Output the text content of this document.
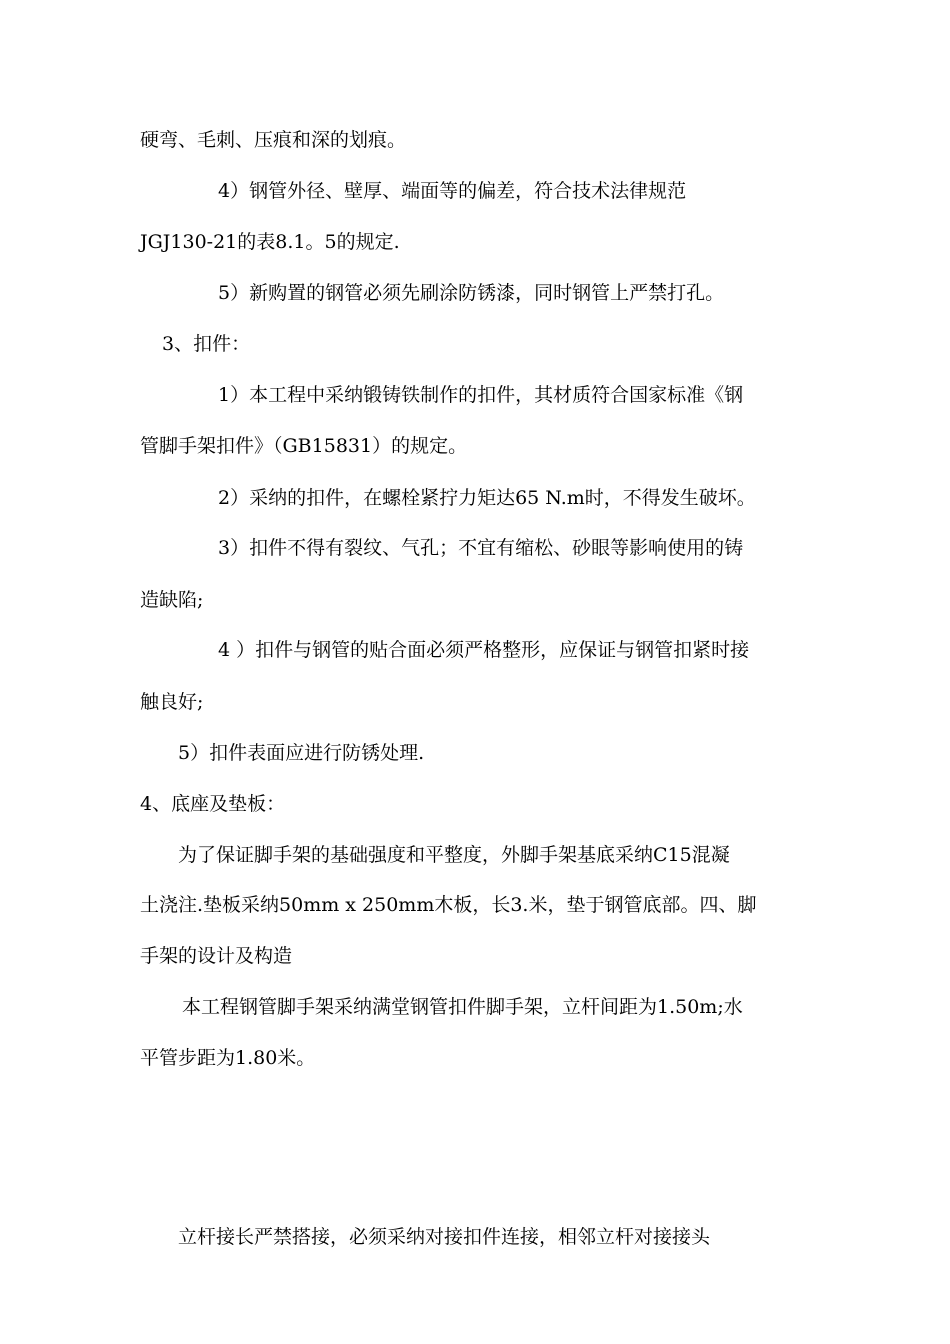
硬弯、毛刺、压痕和深的划痕。
4）钢管外径、壁厚、端面等的偏差，符合技术法律规范
JGJ130-21的表8.1。5的规定.
5）新购置的钢管必须先刷涂防锈漆，同时钢管上严禁打孔。
3、扣件：
1）本工程中采纳锻铸铁制作的扣件，其材质符合国家标准《钢
管脚手架扣件》（GB15831）的规定。
2）采纳的扣件，在螺栓紧拧力矩达65 N.m时，不得发生破坏。
3）扣件不得有裂纹、气孔；不宜有缩松、砂眼等影响使用的铸
造缺陷;
4 ）扣件与钢管的贴合面必须严格整形，应保证与钢管扣紧时接
触良好;
5）扣件表面应进行防锈处理.
4、底座及垫板：
为了保证脚手架的基础强度和平整度，外脚手架基底采纳C15混凝
土浇注.垫板采纳50mm x 250mm木板，长3.米，垫于钢管底部。四、脚
手架的设计及构造
本工程钢管脚手架采纳满堂钢管扣件脚手架，立杆间距为1.50m;水
平管步距为1.80米。
立杆接长严禁搭接，必须采纳对接扣件连接，相邻立杆对接接头
